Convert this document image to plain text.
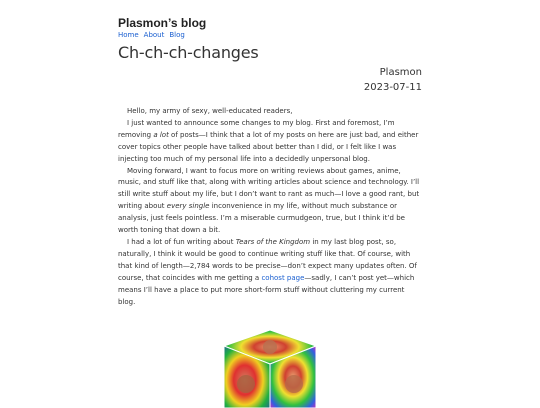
Plasmon’s blog
Home About Blog
Ch-ch-ch-changes
Plasmon
2023-07-11

Hello, my army of sexy, well-educated readers,

I just wanted to announce some changes to my blog. First and foremost, I’m removing a lot of posts—I think that a lot of my posts on here are just bad, and either cover topics other people have talked about better than I did, or I felt like I was injecting too much of my personal life into a decidedly unpersonal blog.

Moving forward, I want to focus more on writing reviews about games, anime, music, and stuff like that, along with writing articles about science and technology. I’ll still write stuff about my life, but I don’t want to rant as much—I love a good rant, but writing about every single inconvenience in my life, without much substance or analysis, just feels pointless. I’m a miserable curmudgeon, true, but I think it’d be worth toning that down a bit.

I had a lot of fun writing about Tears of the Kingdom in my last blog post, so, naturally, I think it would be good to continue writing stuff like that. Of course, with that kind of length—2,784 words to be precise—don’t expect many updates often. Of course, that coincides with me getting a cohost page—sadly, I can’t post yet—which means I’ll have a place to put more short-form stuff without cluttering my current blog.
